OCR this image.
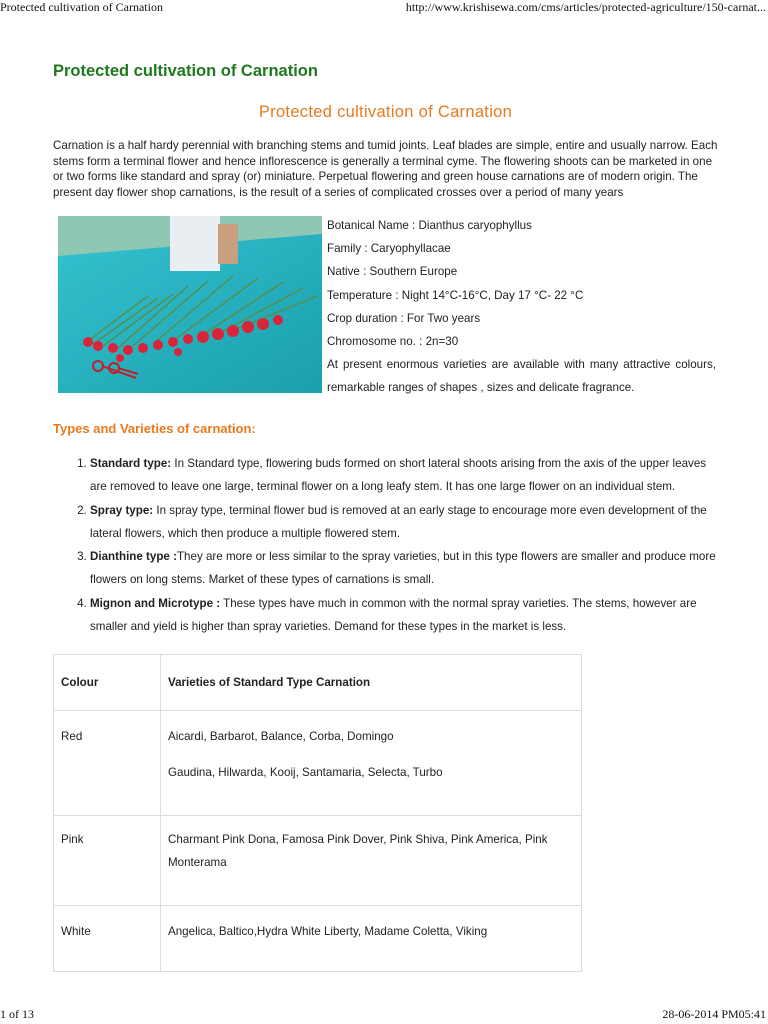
Protected cultivation of Carnation	http://www.krishisewa.com/cms/articles/protected-agriculture/150-carnat...
Protected cultivation of Carnation
Protected cultivation of Carnation

Carnation is a half hardy perennial with branching stems and tumid joints. Leaf blades are simple, entire and usually narrow. Each stems form a terminal flower and hence inflorescence is generally a terminal cyme. The flowering shoots can be marketed in one or two forms like standard and spray (or) miniature. Perpetual flowering and green house carnations are of modern origin. The present day flower shop carnations, is the result of a series of complicated crosses over a period of many years

Botanical Name : Dianthus caryophyllus
Family : Caryophyllacae
Native : Southern Europe
Temperature : Night 14°C-16°C, Day 17 °C- 22 °C
Crop duration : For Two years
Chromosome no. : 2n=30
At present enormous varieties are available with many attractive colours, remarkable ranges of shapes , sizes and delicate fragrance.
Types and Varieties of carnation:
1. Standard type: In Standard type, flowering buds formed on short lateral shoots arising from the axis of the upper leaves are removed to leave one large, terminal flower on a long leafy stem. It has one large flower on an individual stem.
2. Spray type: In spray type, terminal flower bud is removed at an early stage to encourage more even development of the lateral flowers, which then produce a multiple flowered stem.
3. Dianthine type :They are more or less similar to the spray varieties, but in this type flowers are smaller and produce more flowers on long stems. Market of these types of carnations is small.
4. Mignon and Microtype : These types have much in common with the normal spray varieties. The stems, however are smaller and yield is higher than spray varieties. Demand for these types in the market is less.
Colour	Varieties of Standard Type Carnation

Red	Aicardi, Barbarot, Balance, Corba, Domingo
Gaudina, Hilwarda, Kooij, Santamaria, Selecta, Turbo

Pink	Charmant Pink Dona, Famosa Pink Dover, Pink Shiva, Pink America, Pink Monterama

White	Angelica, Baltico,Hydra White Liberty, Madame Coletta, Viking
1 of 13	28-06-2014 PM05:41
